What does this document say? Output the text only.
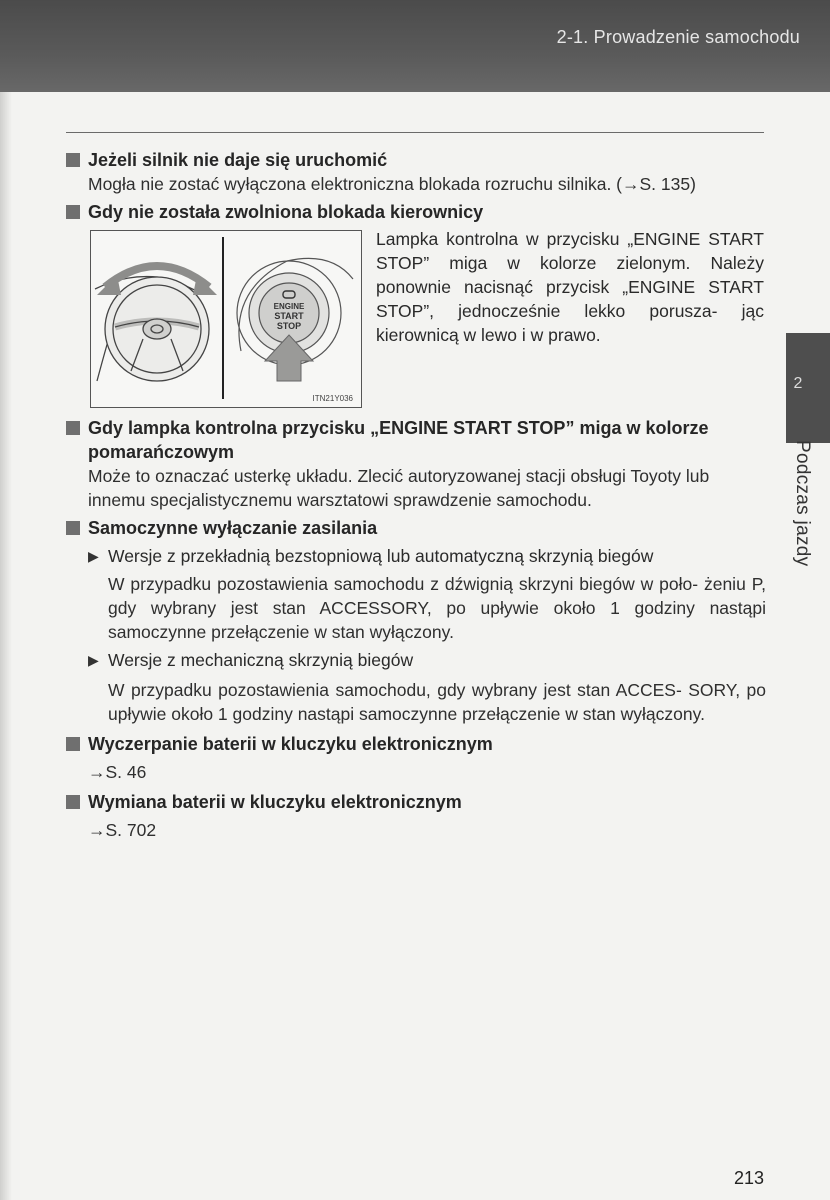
2-1. Prowadzenie samochodu
2
Podczas jazdy
Jeżeli silnik nie daje się uruchomić

Mogła nie zostać wyłączona elektroniczna blokada rozruchu silnika. (→S. 135)

Gdy nie została zwolniona blokada kierownicy
ENGINE
START
STOP
ITN21Y036

Lampka kontrolna w przycisku „ENGINE START STOP” miga w kolorze zielonym. Należy ponownie nacisnąć przycisk „ENGINE START STOP”, jednocześnie lekko porusza- jąc kierownicą w lewo i w prawo.

Gdy lampka kontrolna przycisku „ENGINE START STOP” miga w kolorze pomarańczowym

Może to oznaczać usterkę układu. Zlecić autoryzowanej stacji obsługi Toyoty lub innemu specjalistycznemu warsztatowi sprawdzenie samochodu.

Samoczynne wyłączanie zasilania

▶ Wersje z przekładnią bezstopniową lub automatyczną skrzynią biegów

W przypadku pozostawienia samochodu z dźwignią skrzyni biegów w poło- żeniu P, gdy wybrany jest stan ACCESSORY, po upływie około 1 godziny nastąpi samoczynne przełączenie w stan wyłączony.

▶ Wersje z mechaniczną skrzynią biegów

W przypadku pozostawienia samochodu, gdy wybrany jest stan ACCES- SORY, po upływie około 1 godziny nastąpi samoczynne przełączenie w stan wyłączony.

Wyczerpanie baterii w kluczyku elektronicznym

→S. 46

Wymiana baterii w kluczyku elektronicznym

→S. 702

213
